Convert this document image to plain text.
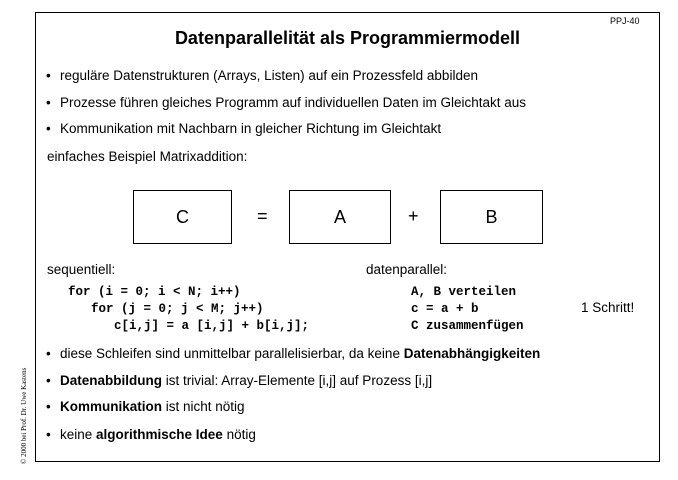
PPJ-40
© 2000 bei Prof. Dr. Uwe Kastens
Datenparallelität als Programmiermodell
• reguläre Datenstrukturen (Arrays, Listen) auf ein Prozessfeld abbilden
• Prozesse führen gleiches Programm auf individuellen Daten im Gleichtakt aus
• Kommunikation mit Nachbarn in gleicher Richtung im Gleichtakt
einfaches Beispiel Matrixaddition:
C	=	A	+	B
sequentiell:	datenparallel:
for (i = 0; i < N; i++)
for (j = 0; j < M; j++)
c[i,j] = a [i,j] + b[i,j];
A, B verteilen
c = a + b
C zusammenfügen
1 Schritt!
• diese Schleifen sind unmittelbar parallelisierbar, da keine Datenabhängigkeiten
• Datenabbildung ist trivial: Array-Elemente [i,j] auf Prozess [i,j]
• Kommunikation ist nicht nötig
• keine algorithmische Idee nötig
